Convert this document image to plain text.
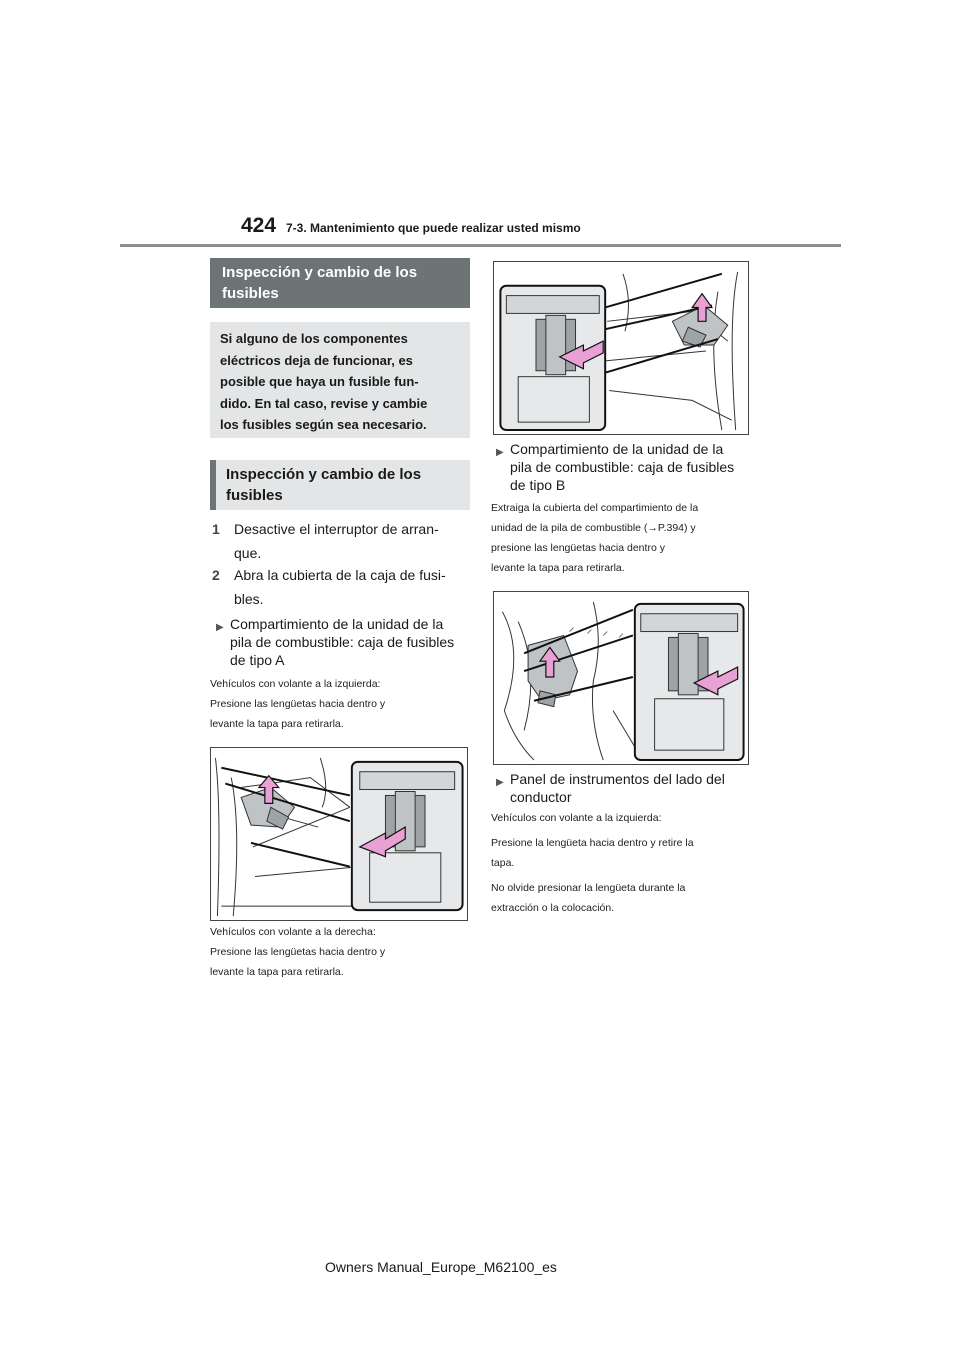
424 7-3. Mantenimiento que puede realizar usted mismo
Inspección y cambio de los
fusibles
Si alguno de los componentes
eléctricos deja de funcionar, es
posible que haya un fusible fun-
dido. En tal caso, revise y cambie
los fusibles según sea necesario.
Inspección y cambio de los
fusibles
1 Desactive el interruptor de arran-
que.
2 Abra la cubierta de la caja de fusi-
bles.
▶ Compartimiento de la unidad de la
pila de combustible: caja de fusibles
de tipo A
Vehículos con volante a la izquierda:
Presione las lengüetas hacia dentro y
levante la tapa para retirarla.
Vehículos con volante a la derecha:
Presione las lengüetas hacia dentro y
levante la tapa para retirarla.
▶ Compartimiento de la unidad de la
pila de combustible: caja de fusibles
de tipo B
Extraiga la cubierta del compartimiento de la
unidad de la pila de combustible (→P.394) y
presione las lengüetas hacia dentro y
levante la tapa para retirarla.
▶ Panel de instrumentos del lado del
conductor
Vehículos con volante a la izquierda:
Presione la lengüeta hacia dentro y retire la
tapa.
No olvide presionar la lengüeta durante la
extracción o la colocación.
Owners Manual_Europe_M62100_es
